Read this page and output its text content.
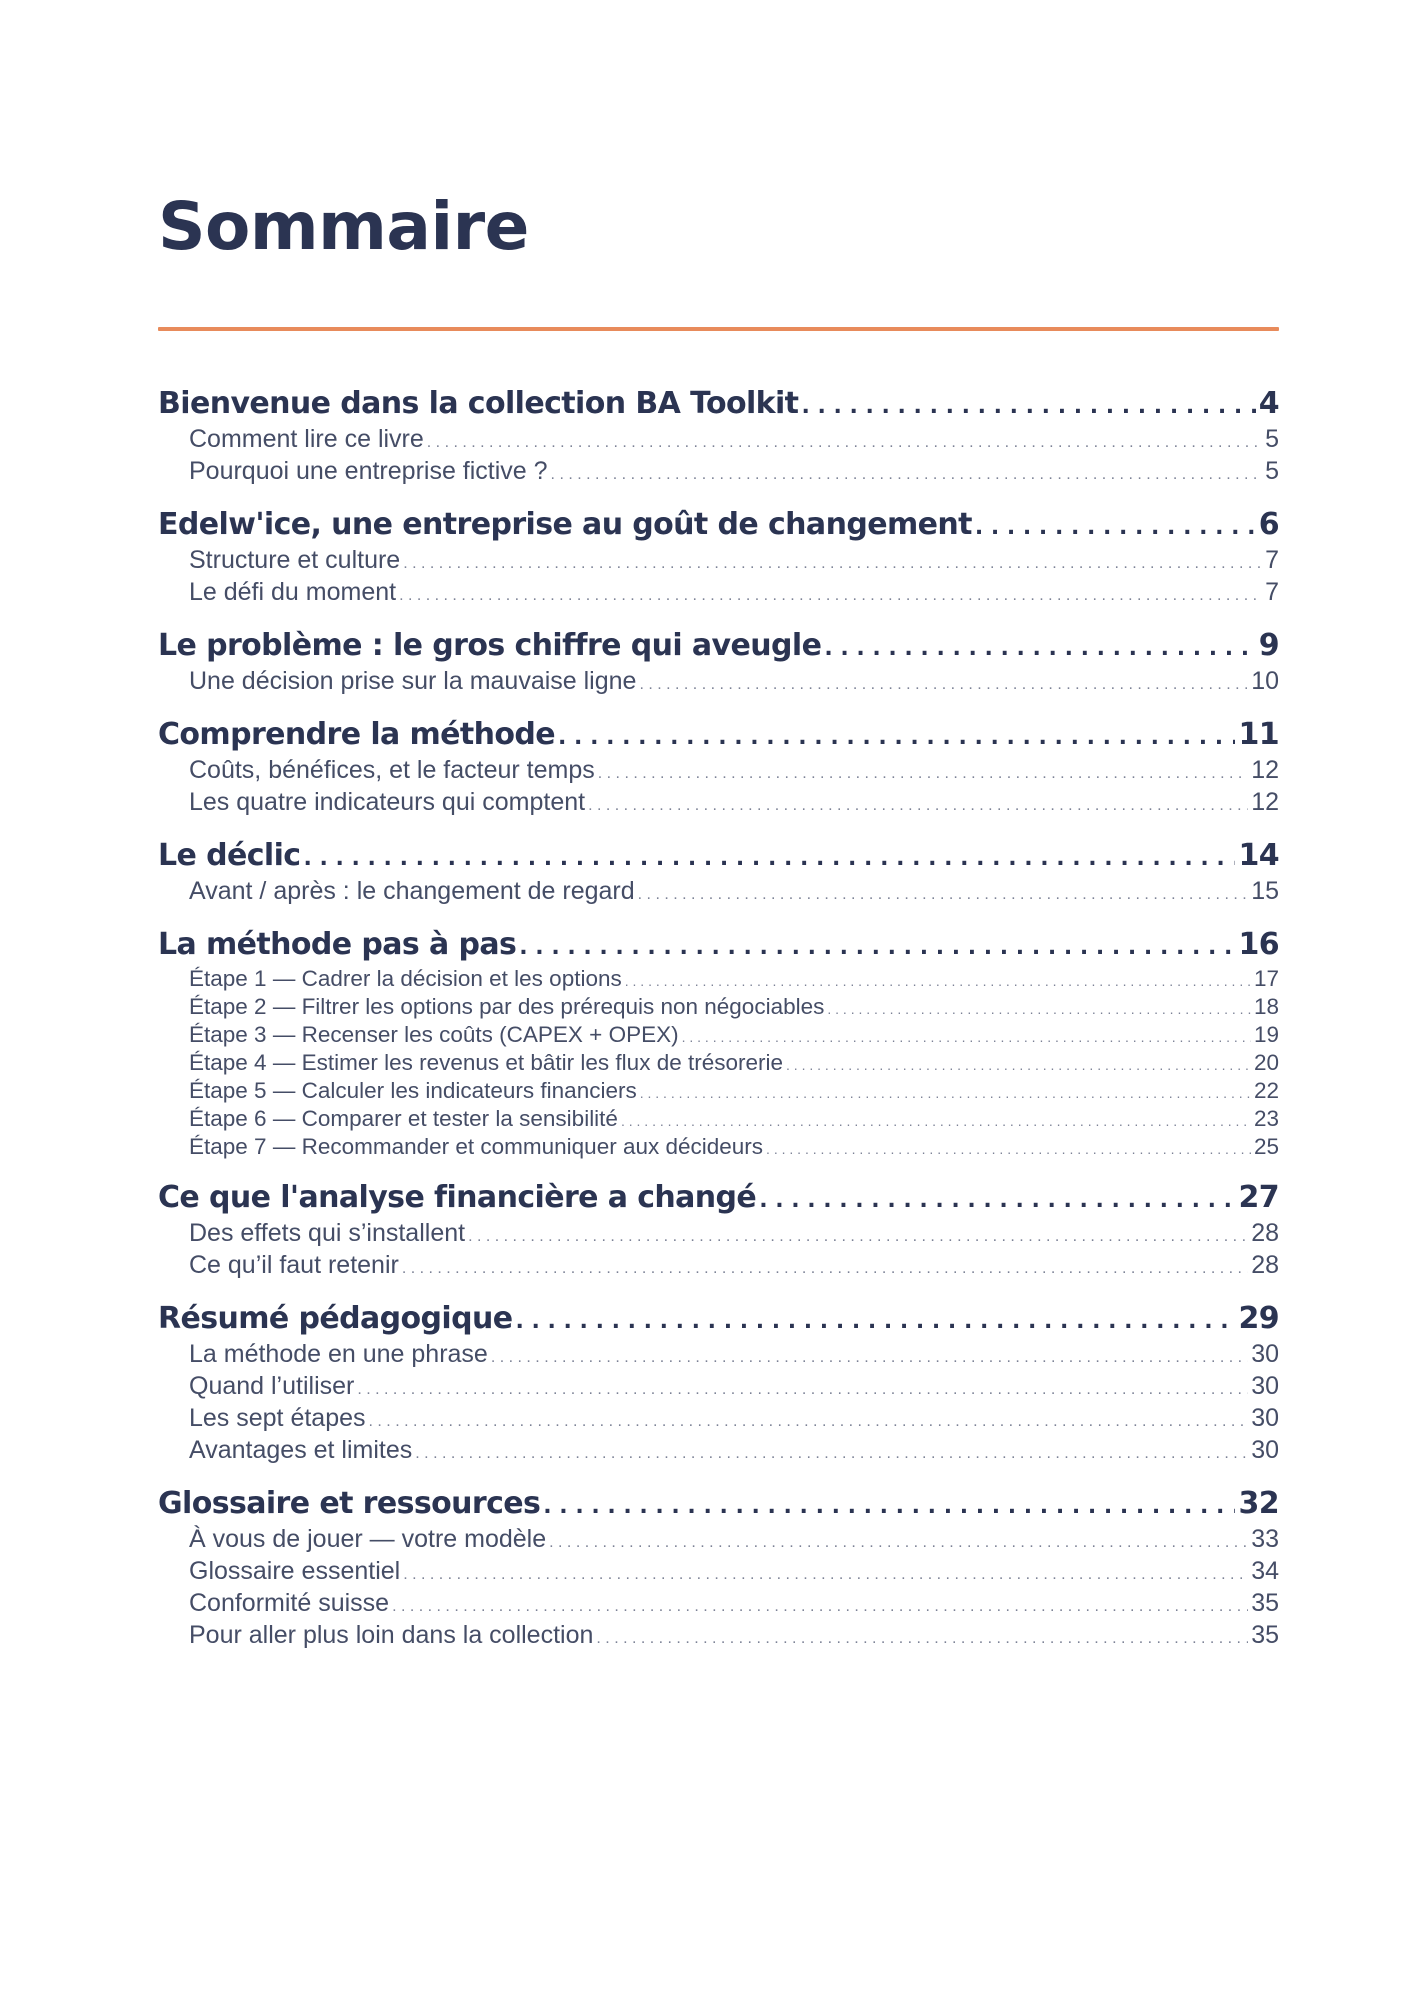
Sommaire
Bienvenue dans la collection BA Toolkit . . .	4
Comment lire ce livre . . .	5
Pourquoi une entreprise fictive ? . . .	5
Edelw'ice, une entreprise au goût de changement . . .	6
Structure et culture . . .	7
Le défi du moment . . .	7
Le problème : le gros chiffre qui aveugle . . .	9
Une décision prise sur la mauvaise ligne . . .	10
Comprendre la méthode . . .	11
Coûts, bénéfices, et le facteur temps . . .	12
Les quatre indicateurs qui comptent . . .	12
Le déclic . . .	14
Avant / après : le changement de regard . . .	15
La méthode pas à pas . . .	16
Étape 1 — Cadrer la décision et les options . . .	17
Étape 2 — Filtrer les options par des prérequis non négociables . . .	18
Étape 3 — Recenser les coûts (CAPEX + OPEX) . . .	19
Étape 4 — Estimer les revenus et bâtir les flux de trésorerie . . .	20
Étape 5 — Calculer les indicateurs financiers . . .	22
Étape 6 — Comparer et tester la sensibilité . . .	23
Étape 7 — Recommander et communiquer aux décideurs . . .	25
Ce que l'analyse financière a changé . . .	27
Des effets qui s’installent . . .	28
Ce qu’il faut retenir . . .	28
Résumé pédagogique . . .	29
La méthode en une phrase . . .	30
Quand l’utiliser . . .	30
Les sept étapes . . .	30
Avantages et limites . . .	30
Glossaire et ressources . . .	32
À vous de jouer — votre modèle . . .	33
Glossaire essentiel . . .	34
Conformité suisse . . .	35
Pour aller plus loin dans la collection . . .	35
